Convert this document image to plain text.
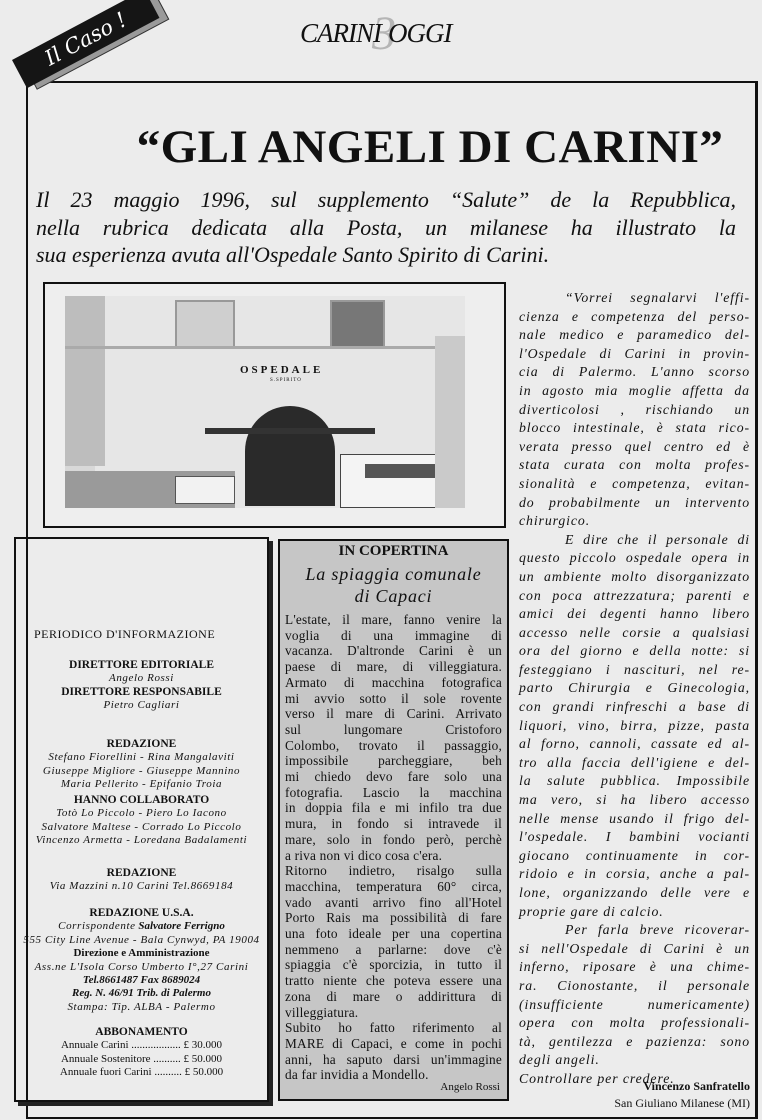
3
CARINI OGGI
Il Caso !
“GLI ANGELI DI CARINI”
Il 23 maggio 1996, sul supplemento “Salute” de la Repubblica,
nella rubrica dedicata alla Posta, un milanese ha illustrato la
sua esperienza avuta all'Ospedale Santo Spirito di Carini.
OSPEDALE
S.SPIRITO
PERIODICO D'INFORMAZIONE
DIRETTORE EDITORIALE
Angelo Rossi
DIRETTORE RESPONSABILE
Pietro Cagliari
REDAZIONE
Stefano Fiorellini - Rina Mangalaviti
Giuseppe Migliore - Giuseppe Mannino
Maria Pellerito - Epifanio Troia
HANNO COLLABORATO
Totò Lo Piccolo - Piero Lo Iacono
Salvatore Maltese - Corrado Lo Piccolo
Vincenzo Armetta - Loredana Badalamenti
REDAZIONE
Via Mazzini n.10 Carini Tel.8669184
REDAZIONE U.S.A.
Corrispondente Salvatore Ferrigno
555 City Line Avenue - Bala Cynwyd, PA 19004
Direzione e Amministrazione
Ass.ne L'Isola Corso Umberto I°,27 Carini
Tel.8661487 Fax 8689024
Reg. N. 46/91 Trib. di Palermo
Stampa: Tip. ALBA - Palermo
ABBONAMENTO
Annuale Carini .................. £ 30.000
Annuale Sostenitore .......... £ 50.000
Annuale fuori Carini .......... £ 50.000
IN COPERTINA
La spiaggia comunale
di Capaci
L'estate, il mare, fanno venire la
voglia di una immagine di
vacanza. D'altronde Carini è un
paese di mare, di villeggiatura.
Armato di macchina fotografica
mi avvio sotto il sole rovente
verso il mare di Carini. Arrivato
sul lungomare Cristoforo
Colombo, trovato il passaggio,
impossibile parcheggiare, beh
mi chiedo devo fare solo una
fotografia. Lascio la macchina
in doppia fila e mi infilo tra due
mura, in fondo si intravede il
mare, solo in fondo però, perchè
a riva non vi dico cosa c'era.
Ritorno indietro, risalgo sulla
macchina, temperatura 60° circa,
vado avanti arrivo fino all'Hotel
Porto Rais ma possibilità di fare
una foto ideale per una copertina
nemmeno a parlarne: dove c'è
spiaggia c'è sporcizia, in tutto il
tratto niente che poteva essere una
zona di mare o addirittura di
villeggiatura.
Subito ho fatto riferimento al
MARE di Capaci, e come in pochi
anni, ha saputo darsi un'immagine
da far invidia a Mondello.
Angelo Rossi
“Vorrei segnalarvi l'effi-
cienza e competenza del perso-
nale medico e paramedico del-
l'Ospedale di Carini in provin-
cia di Palermo. L'anno scorso
in agosto mia moglie affetta da
diverticolosi , rischiando un
blocco intestinale, è stata rico-
verata presso quel centro ed è
stata curata con molta profes-
sionalità e competenza, evitan-
do probabilmente un intervento
chirurgico.
E dire che il personale di
questo piccolo ospedale opera in
un ambiente molto disorganizzato
con poca attrezzatura; parenti e
amici dei degenti hanno libero
accesso nelle corsie a qualsiasi
ora del giorno e della notte: si
festeggiano i nascituri, nel re-
parto Chirurgia e Ginecologia,
con grandi rinfreschi a base di
liquori, vino, birra, pizze, pasta
al forno, cannoli, cassate ed al-
tro alla faccia dell'igiene e del-
la salute pubblica. Impossibile
ma vero, si ha libero accesso
nelle mense usando il frigo del-
l'ospedale. I bambini vocianti
giocano continuamente in cor-
ridoio e in corsia, anche a pal-
lone, organizzando delle vere e
proprie gare di calcio.
Per farla breve ricoverar-
si nell'Ospedale di Carini è un
inferno, riposare è una chime-
ra. Cionostante, il personale
(insufficiente numericamente)
opera con molta professionali-
tà, gentilezza e pazienza: sono
degli angeli.
Controllare per credere.
Vincenzo Sanfratello
San Giuliano Milanese (MI)
